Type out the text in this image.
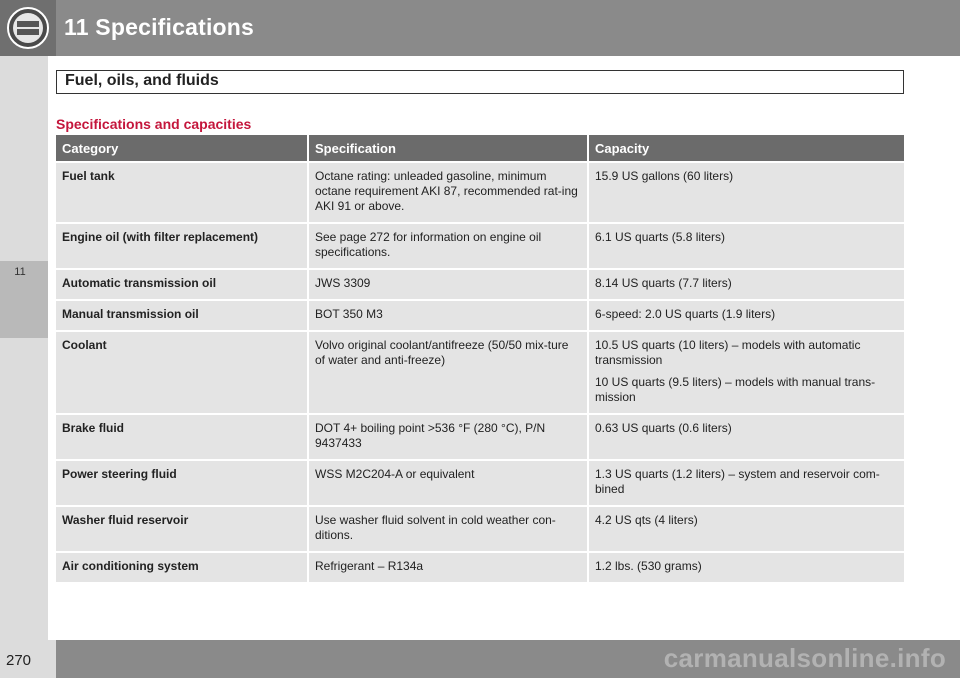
11 Specifications
11
Fuel, oils, and fluids
Specifications and capacities
Category	Specification	Capacity
Fuel tank	Octane rating: unleaded gasoline, minimum octane requirement AKI 87, recommended rat-ing AKI 91 or above.	15.9 US gallons (60 liters)

Engine oil (with filter replacement)	See page 272 for information on engine oil specifications.	6.1 US quarts (5.8 liters)

Automatic transmission oil	JWS 3309	8.14 US quarts (7.7 liters)

Manual transmission oil	BOT 350 M3	6-speed: 2.0 US quarts (1.9 liters)

Coolant	Volvo original coolant/antifreeze (50/50 mix-ture of water and anti-freeze)	10.5 US quarts (10 liters) – models with automatic transmission

10 US quarts (9.5 liters) – models with manual trans-mission

Brake fluid	DOT 4+ boiling point >536 °F (280 °C), P/N 9437433	0.63 US quarts (0.6 liters)

Power steering fluid	WSS M2C204-A or equivalent	1.3 US quarts (1.2 liters) – system and reservoir com-bined

Washer fluid reservoir	Use washer fluid solvent in cold weather con-ditions.	4.2 US qts (4 liters)

Air conditioning system	Refrigerant – R134a	1.2 lbs. (530 grams)

270	carmanualsonline.info
